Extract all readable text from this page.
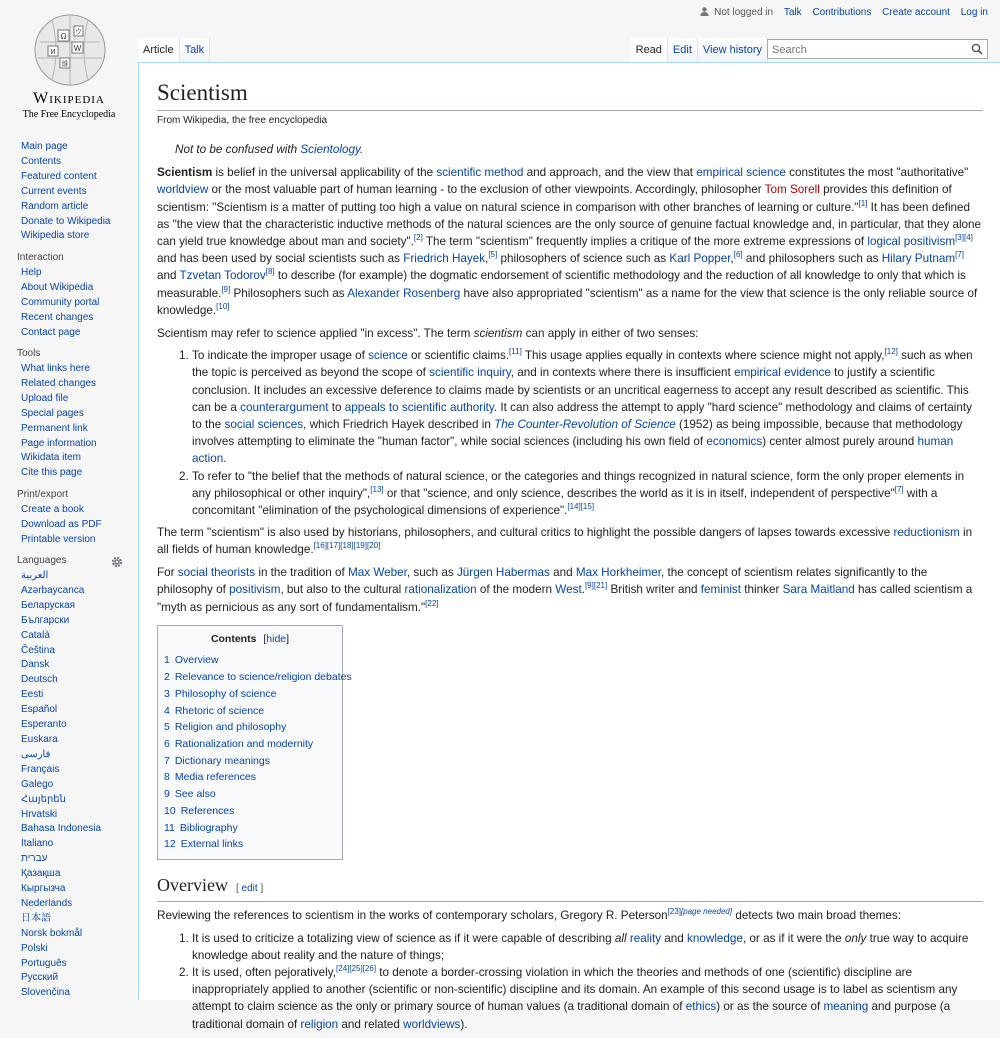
Ω
W
И
ウ
維
Wikipedia
The Free Encyclopedia
Main page
Contents
Featured content
Current events
Random article
Donate to Wikipedia
Wikipedia store
Interaction
Help
About Wikipedia
Community portal
Recent changes
Contact page
Tools
What links here
Related changes
Upload file
Special pages
Permanent link
Page information
Wikidata item
Cite this page
Print/export
Create a book
Download as PDF
Printable version
Languages
العربية
Azərbaycanca
Беларуская
Български
Català
Čeština
Dansk
Deutsch
Eesti
Español
Esperanto
Euskara
فارسی
Français
Galego
Հայերեն
Hrvatski
Bahasa Indonesia
Italiano
עברית
Қазақша
Кыргызча
Nederlands
日本語
Norsk bokmål
Polski
Português
Русский
Slovenčina
Not logged in Talk Contributions Create account Log in
Article	Talk	Read	Edit	View history
Search
Scientism
From Wikipedia, the free encyclopedia

Not to be confused with Scientology.

Scientism is belief in the universal applicability of the scientific method and approach, and the view that empirical science constitutes the most "authoritative" worldview or the most valuable part of human learning - to the exclusion of other viewpoints. Accordingly, philosopher Tom Sorell provides this definition of scientism: "Scientism is a matter of putting too high a value on natural science in comparison with other branches of learning or culture."[1] It has been defined as "the view that the characteristic inductive methods of the natural sciences are the only source of genuine factual knowledge and, in particular, that they alone can yield true knowledge about man and society".[2] The term "scientism" frequently implies a critique of the more extreme expressions of logical positivism[3][4] and has been used by social scientists such as Friedrich Hayek,[5] philosophers of science such as Karl Popper,[6] and philosophers such as Hilary Putnam[7] and Tzvetan Todorov[8] to describe (for example) the dogmatic endorsement of scientific methodology and the reduction of all knowledge to only that which is measurable.[9] Philosophers such as Alexander Rosenberg have also appropriated "scientism" as a name for the view that science is the only reliable source of knowledge.[10]

Scientism may refer to science applied "in excess". The term scientism can apply in either of two senses:

1. To indicate the improper usage of science or scientific claims.[11] This usage applies equally in contexts where science might not apply,[12] such as when the topic is perceived as beyond the scope of scientific inquiry, and in contexts where there is insufficient empirical evidence to justify a scientific conclusion. It includes an excessive deference to claims made by scientists or an uncritical eagerness to accept any result described as scientific. This can be a counterargument to appeals to scientific authority. It can also address the attempt to apply "hard science" methodology and claims of certainty to the social sciences, which Friedrich Hayek described in The Counter-Revolution of Science (1952) as being impossible, because that methodology involves attempting to eliminate the "human factor", while social sciences (including his own field of economics) center almost purely around human action.
2. To refer to "the belief that the methods of natural science, or the categories and things recognized in natural science, form the only proper elements in any philosophical or other inquiry",[13] or that "science, and only science, describes the world as it is in itself, independent of perspective"[7] with a concomitant "elimination of the psychological dimensions of experience".[14][15]

The term "scientism" is also used by historians, philosophers, and cultural critics to highlight the possible dangers of lapses towards excessive reductionism in all fields of human knowledge.[16][17][18][19][20]

For social theorists in the tradition of Max Weber, such as Jürgen Habermas and Max Horkheimer, the concept of scientism relates significantly to the philosophy of positivism, but also to the cultural rationalization of the modern West.[9][21] British writer and feminist thinker Sara Maitland has called scientism a "myth as pernicious as any sort of fundamentalism."[22]

Contents [hide]
1 Overview
2 Relevance to science/religion debates
3 Philosophy of science
4 Rhetoric of science
5 Religion and philosophy
6 Rationalization and modernity
7 Dictionary meanings
8 Media references
9 See also
10 References
11 Bibliography
12 External links
Overview [ edit ]

Reviewing the references to scientism in the works of contemporary scholars, Gregory R. Peterson[23][page needed] detects two main broad themes:

1. It is used to criticize a totalizing view of science as if it were capable of describing all reality and knowledge, or as if it were the only true way to acquire knowledge about reality and the nature of things;
2. It is used, often pejoratively,[24][25][26] to denote a border-crossing violation in which the theories and methods of one (scientific) discipline are inappropriately applied to another (scientific or non-scientific) discipline and its domain. An example of this second usage is to label as scientism any attempt to claim science as the only or primary source of human values (a traditional domain of ethics) or as the source of meaning and purpose (a traditional domain of religion and related worldviews).
